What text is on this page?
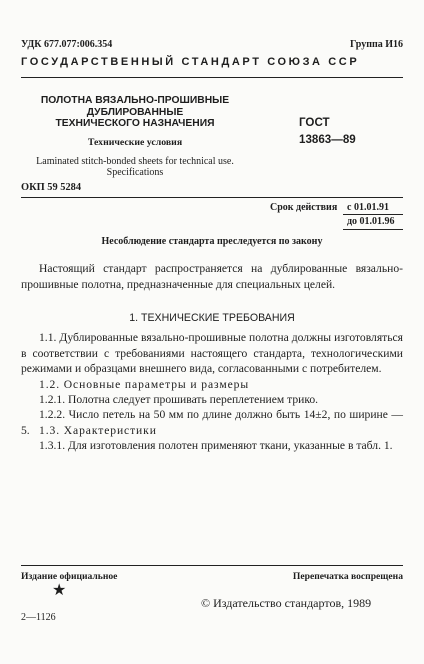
УДК 677.077:006.354	Группа И16
ГОСУДАРСТВЕННЫЙ СТАНДАРТ СОЮЗА ССР
ПОЛОТНА ВЯЗАЛЬНО-ПРОШИВНЫЕ
ДУБЛИРОВАННЫЕ
ТЕХНИЧЕСКОГО НАЗНАЧЕНИЯ
Технические условия
Laminated stitch-bonded sheets for technical use.
Specifications
ОКП 59 5284
ГОСТ
13863—89
Срок действия с 01.01.91
до 01.01.96
Несоблюдение стандарта преследуется по закону
Настоящий стандарт распространяется на дублированные вязально-прошивные полотна, предназначенные для специальных целей.
1. ТЕХНИЧЕСКИЕ ТРЕБОВАНИЯ
1.1. Дублированные вязально-прошивные полотна должны изготовляться в соответствии с требованиями настоящего стандарта, технологическими режимами и образцами внешнего вида, согласованными с потребителем.
1.2. Основные параметры и размеры
1.2.1. Полотна следует прошивать переплетением трико.
1.2.2. Число петель на 50 мм по длине должно быть 14±2, по ширине — 5. 1.3. Характеристики
1.3.1. Для изготовления полотен применяют ткани, указанные в табл. 1.
Издание официальное	Перепечатка воспрещена
★
© Издательство стандартов, 1989
2—1126
